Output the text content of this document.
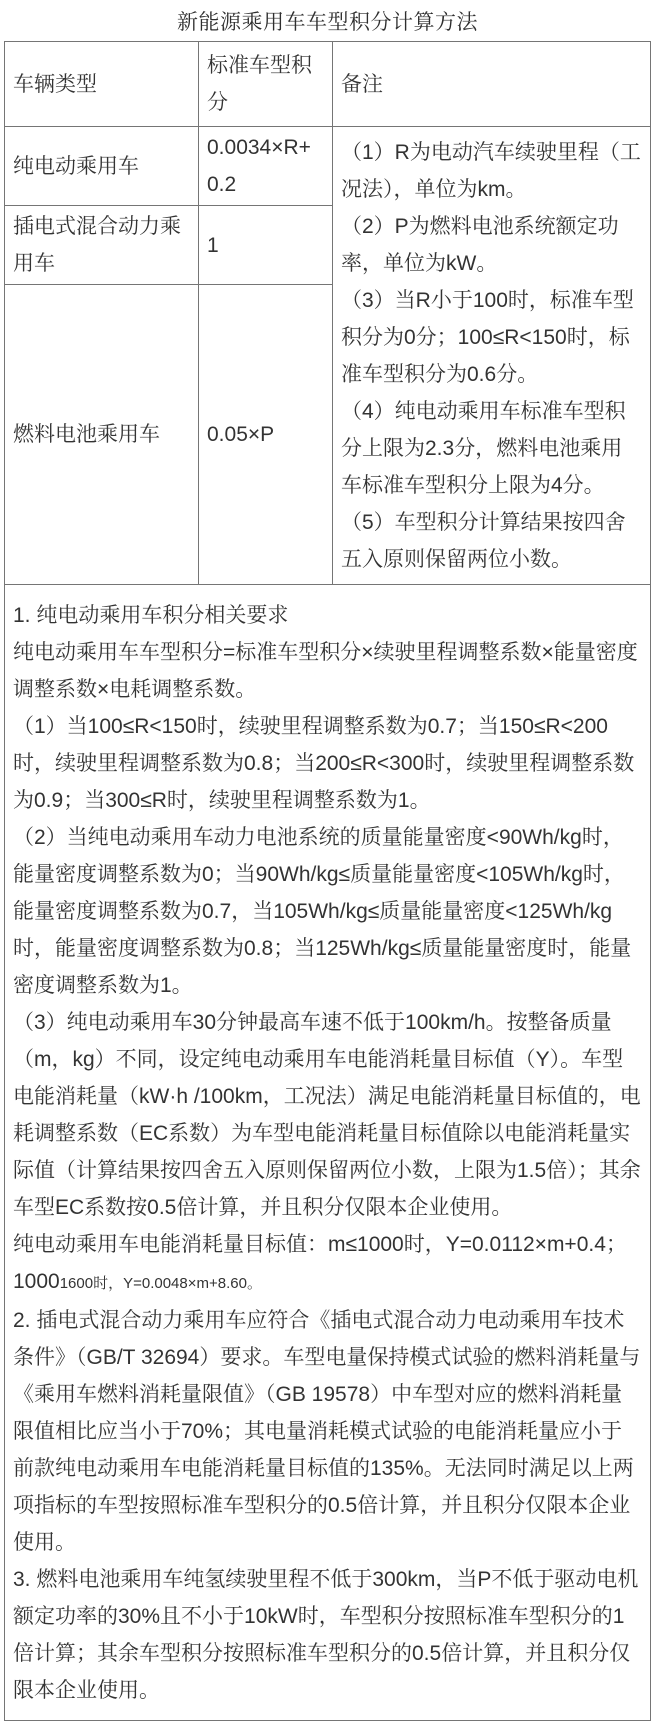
新能源乘用车车型积分计算方法
车辆类型	标准车型积分	备注
纯电动乘用车	0.0034×R+0.2	（1）R为电动汽车续驶里程（工况法），单位为km。

（2）P为燃料电池系统额定功率，单位为kW。

（3）当R小于100时，标准车型积分为0分；100≤R<150时，标准车型积分为0.6分。

（4）纯电动乘用车标准车型积分上限为2.3分，燃料电池乘用车标准车型积分上限为4分。

（5）车型积分计算结果按四舍五入原则保留两位小数。

插电式混合动力乘用车	1	
燃料电池乘用车	0.05×P	

1. 纯电动乘用车积分相关要求

纯电动乘用车车型积分=标准车型积分×续驶里程调整系数×能量密度调整系数×电耗调整系数。

（1）当100≤R<150时，续驶里程调整系数为0.7；当150≤R<200时，续驶里程调整系数为0.8；当200≤R<300时，续驶里程调整系数为0.9；当300≤R时，续驶里程调整系数为1。

（2）当纯电动乘用车动力电池系统的质量能量密度<90Wh/kg时，能量密度调整系数为0；当90Wh/kg≤质量能量密度<105Wh/kg时，能量密度调整系数为0.7，当105Wh/kg≤质量能量密度<125Wh/kg时，能量密度调整系数为0.8；当125Wh/kg≤质量能量密度时，能量密度调整系数为1。

（3）纯电动乘用车30分钟最高车速不低于100km/h。按整备质量（m，kg）不同，设定纯电动乘用车电能消耗量目标值（Y）。车型电能消耗量（kW·h /100km，工况法）满足电能消耗量目标值的，电耗调整系数（EC系数）为车型电能消耗量目标值除以电能消耗量实际值（计算结果按四舍五入原则保留两位小数，上限为1.5倍）；其余车型EC系数按0.5倍计算，并且积分仅限本企业使用。

纯电动乘用车电能消耗量目标值：m≤1000时，Y=0.0112×m+0.4；10001600时，Y=0.0048×m+8.60。

2. 插电式混合动力乘用车应符合《插电式混合动力电动乘用车技术条件》（GB/T 32694）要求。车型电量保持模式试验的燃料消耗量与《乘用车燃料消耗量限值》（GB 19578）中车型对应的燃料消耗量限值相比应当小于70%；其电量消耗模式试验的电能消耗量应小于前款纯电动乘用车电能消耗量目标值的135%。无法同时满足以上两项指标的车型按照标准车型积分的0.5倍计算，并且积分仅限本企业使用。

3. 燃料电池乘用车纯氢续驶里程不低于300km，当P不低于驱动电机额定功率的30%且不小于10kW时，车型积分按照标准车型积分的1倍计算；其余车型积分按照标准车型积分的0.5倍计算，并且积分仅限本企业使用。
